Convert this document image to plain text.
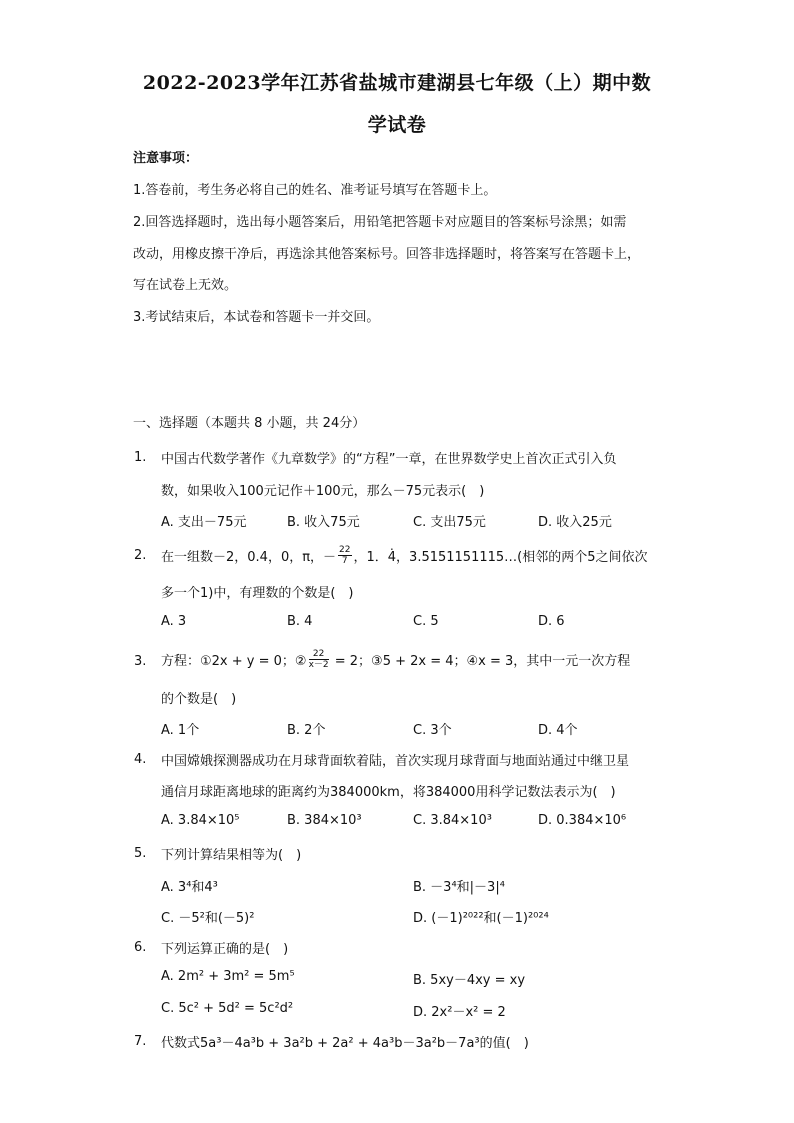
2022-2023学年江苏省盐城市建湖县七年级（上）期中数
学试卷
注意事项：
1.答卷前，考生务必将自己的姓名、准考证号填写在答题卡上。
2.回答选择题时，选出每小题答案后，用铅笔把答题卡对应题目的答案标号涂黑；如需
改动，用橡皮擦干净后，再选涂其他答案标号。回答非选择题时，将答案写在答题卡上，
写在试卷上无效。
3.考试结束后，本试卷和答题卡一并交回。
一、选择题（本题共 8 小题，共 24分）
1. 中国古代数学著作《九章数学》的“方程”一章，在世界数学史上首次正式引入负
数，如果收入100元记作＋100元，那么－75元表示(　)
A. 支出－75元	B. 收入75元	C. 支出75元	D. 收入25元
2. 在一组数－2，0.4，0，π，－ $\frac{22}{7}$ ，1．4̇，3.5151151115…(相邻的两个5之间依次
多一个1)中，有理数的个数是(　)
A. 3	B. 4	C. 5	D. 6
3. 方程：①2x + y = 0；② $\frac{22}{x-2} = 2$；③5 + 2x = 4；④x = 3，其中一元一次方程
的个数是(　)
A. 1个	B. 2个	C. 3个	D. 4个
4. 中国嫦娥探测器成功在月球背面软着陆，首次实现月球背面与地面站通过中继卫星
通信月球距离地球的距离约为384000km，将384000用科学记数法表示为(　)
A. 3.84×10⁵	B. 384×10³	C. 3.84×10³	D. 0.384×10⁶
5. 下列计算结果相等为(　)
A. 3⁴和4³	B. －3⁴和|－3|⁴
C. －5²和(－5)²	D. (－1)²⁰²²和(－1)²⁰²⁴
6. 下列运算正确的是(　)
A. 2m² + 3m² = 5m⁵	B. 5xy－4xy = xy
C. 5c² + 5d² = 5c²d²	D. 2x²－x² = 2
7. 代数式5a³－4a³b + 3a²b + 2a² + 4a³b－3a²b－7a³的值(　)
